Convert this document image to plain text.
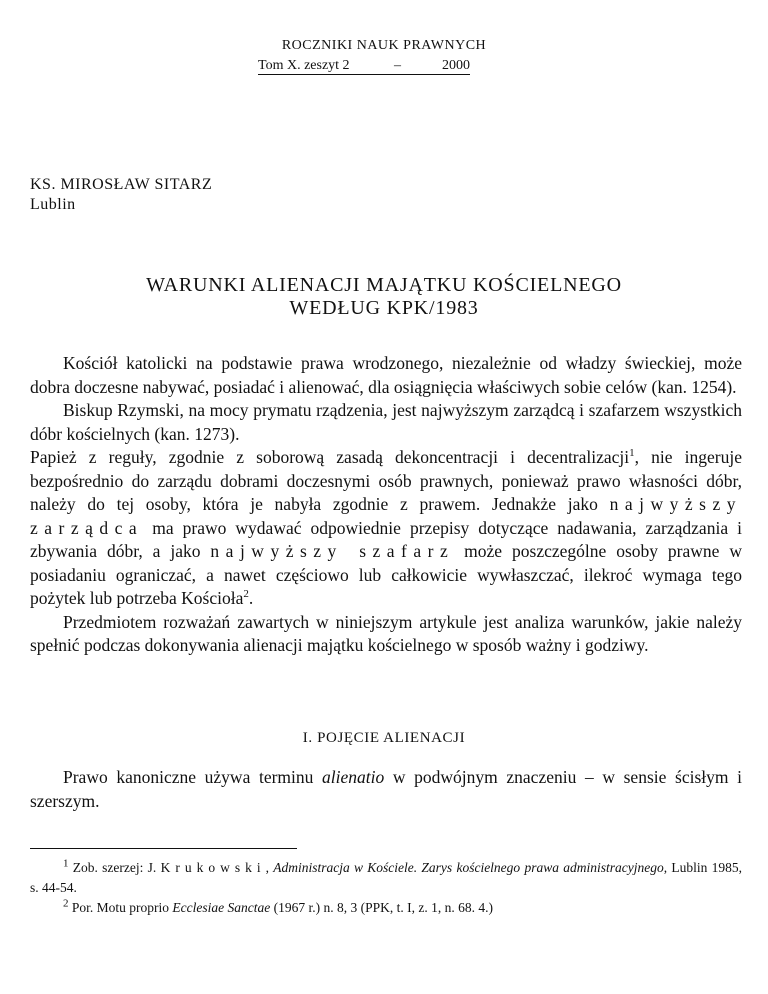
ROCZNIKI NAUK PRAWNYCH
Tom X. zeszyt 2	–	2000

KS. MIROSŁAW SITARZ
Lublin
WARUNKI ALIENACJI MAJĄTKU KOŚCIELNEGO
WEDŁUG KPK/1983

Kościół katolicki na podstawie prawa wrodzonego, niezależnie od władzy świeckiej, może dobra doczesne nabywać, posiadać i alienować, dla osiągnięcia właściwych sobie celów (kan. 1254).

Biskup Rzymski, na mocy prymatu rządzenia, jest najwyższym zarządcą i szafarzem wszystkich dóbr kościelnych (kan. 1273).

Papież z reguły, zgodnie z soborową zasadą dekoncentracji i decentralizacji$^1$, nie ingeruje bezpośrednio do zarządu dobrami doczesnymi osób prawnych, ponieważ prawo własności dóbr, należy do tej osoby, która je nabyła zgodnie z prawem. Jednakże jako najwyższy zarządca ma prawo wydawać odpowiednie przepisy dotyczące nadawania, zarządzania i zbywania dóbr, a jako najwyższy szafarz może poszczególne osoby prawne w posiadaniu ograniczać, a nawet częściowo lub całkowicie wywłaszczać, ilekroć wymaga tego pożytek lub potrzeba Kościoła$^2$.

Przedmiotem rozważań zawartych w niniejszym artykule jest analiza warunków, jakie należy spełnić podczas dokonywania alienacji majątku kościelnego w sposób ważny i godziwy.

I. POJĘCIE ALIENACJI

Prawo kanoniczne używa terminu alienatio w podwójnym znaczeniu – w sensie ścisłym i szerszym.

$^1$ Zob. szerzej: J. Krukowski, Administracja w Kościele. Zarys kościelnego prawa administracyjnego, Lublin 1985, s. 44-54.
$^2$ Por. Motu proprio Ecclesiae Sanctae (1967 r.) n. 8, 3 (PPK, t. I, z. 1, n. 68. 4.)
